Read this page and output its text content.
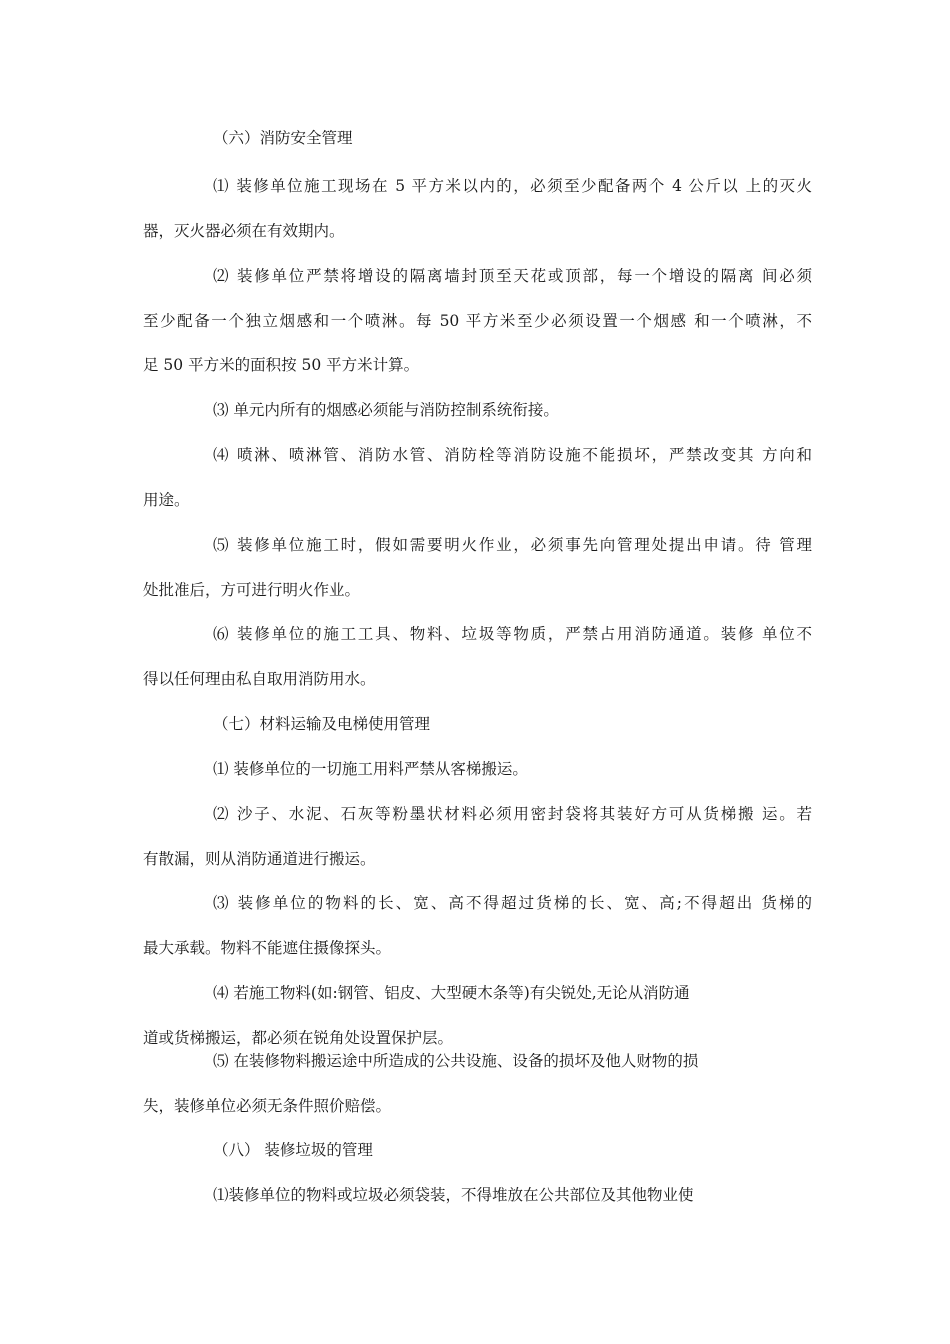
（六）消防安全管理
⑴ 装修单位施工现场在 5 平方米以内的，必须至少配备两个 4 公斤以 上的灭火
器，灭火器必须在有效期内。
⑵ 装修单位严禁将增设的隔离墙封顶至天花或顶部，每一个增设的隔离 间必须
至少配备一个独立烟感和一个喷淋。每 50 平方米至少必须设置一个烟感 和一个喷淋，不
足 50 平方米的面积按 50 平方米计算。
⑶ 单元内所有的烟感必须能与消防控制系统衔接。
⑷ 喷淋、喷淋管、消防水管、消防栓等消防设施不能损坏，严禁改变其 方向和
用途。
⑸ 装修单位施工时，假如需要明火作业，必须事先向管理处提出申请。待 管理
处批准后，方可进行明火作业。
⑹ 装修单位的施工工具、物料、垃圾等物质，严禁占用消防通道。装修 单位不
得以任何理由私自取用消防用水。
（七）材料运输及电梯使用管理
⑴ 装修单位的一切施工用料严禁从客梯搬运。
⑵ 沙子、水泥、石灰等粉墨状材料必须用密封袋将其装好方可从货梯搬 运。若
有散漏，则从消防通道进行搬运。
⑶ 装修单位的物料的长、宽、高不得超过货梯的长、宽、高;不得超出 货梯的
最大承载。物料不能遮住摄像探头。
⑷ 若施工物料(如:钢管、铝皮、大型硬木条等)有尖锐处,无论从消防通
道或货梯搬运，都必须在锐角处设置保护层。
⑸ 在装修物料搬运途中所造成的公共设施、设备的损坏及他人财物的损
失，装修单位必须无条件照价赔偿。
（八） 装修垃圾的管理
⑴装修单位的物料或垃圾必须袋装，不得堆放在公共部位及其他物业使
